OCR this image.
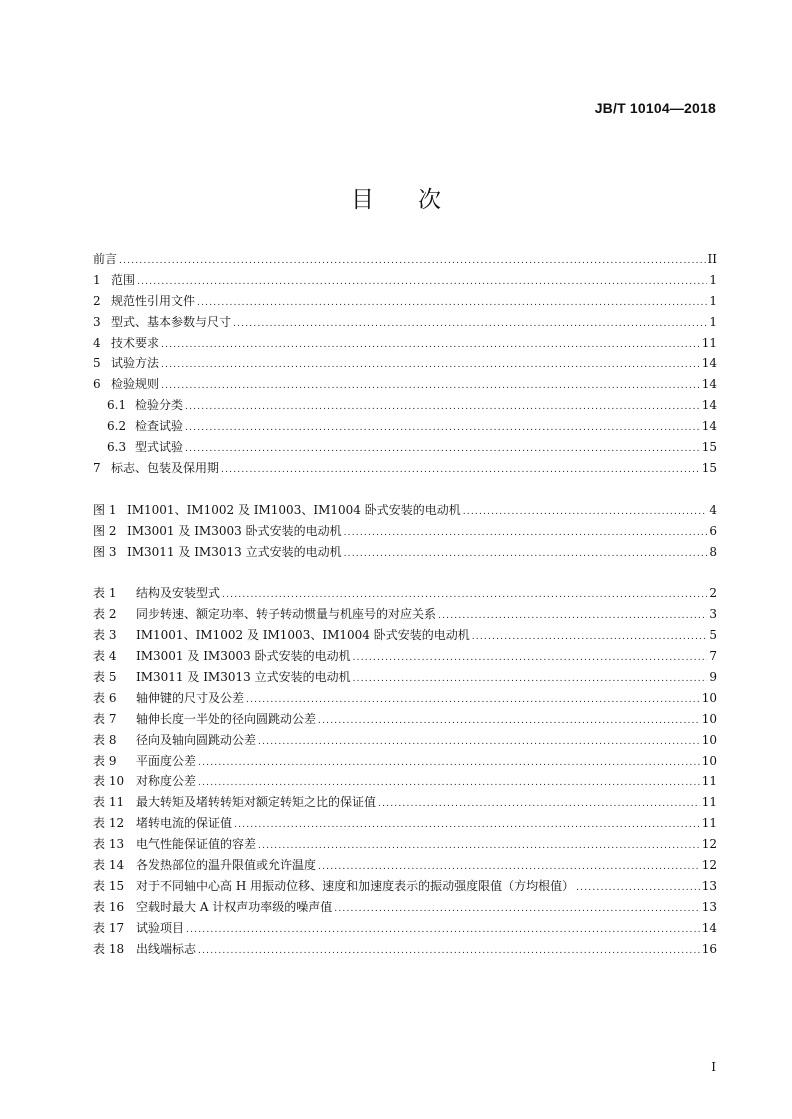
JB/T 10104—2018
目 次
前言 .....	II
1 范围 .....	1
2 规范性引用文件 .....	1
3 型式、基本参数与尺寸 .....	1
4 技术要求 .....	11
5 试验方法 .....	14
6 检验规则 .....	14
6.1 检验分类 .....	14
6.2 检查试验 .....	14
6.3 型式试验 .....	15
7 标志、包装及保用期 .....	15
图 1 IM1001、IM1002 及 IM1003、IM1004 卧式安装的电动机 .....	4
图 2 IM3001 及 IM3003 卧式安装的电动机 .....	6
图 3 IM3011 及 IM3013 立式安装的电动机 .....	8
表 1	结构及安装型式 .....	2
表 2	同步转速、额定功率、转子转动惯量与机座号的对应关系 .....	3
表 3	IM1001、IM1002 及 IM1003、IM1004 卧式安装的电动机 .....	5
表 4	IM3001 及 IM3003 卧式安装的电动机 .....	7
表 5	IM3011 及 IM3013 立式安装的电动机 .....	9
表 6	轴伸键的尺寸及公差 .....	10
表 7	轴伸长度一半处的径向圆跳动公差 .....	10
表 8	径向及轴向圆跳动公差 .....	10
表 9	平面度公差 .....	10
表 10 对称度公差 .....	11
表 11 最大转矩及堵转转矩对额定转矩之比的保证值 .....	11
表 12 堵转电流的保证值 .....	11
表 13 电气性能保证值的容差 .....	12
表 14 各发热部位的温升限值或允许温度 .....	12
表 15 对于不同轴中心高 H 用振动位移、速度和加速度表示的振动强度限值（方均根值） .....	13
表 16 空载时最大 A 计权声功率级的噪声值 .....	13
表 17 试验项目 .....	14
表 18 出线端标志 .....	16
I
